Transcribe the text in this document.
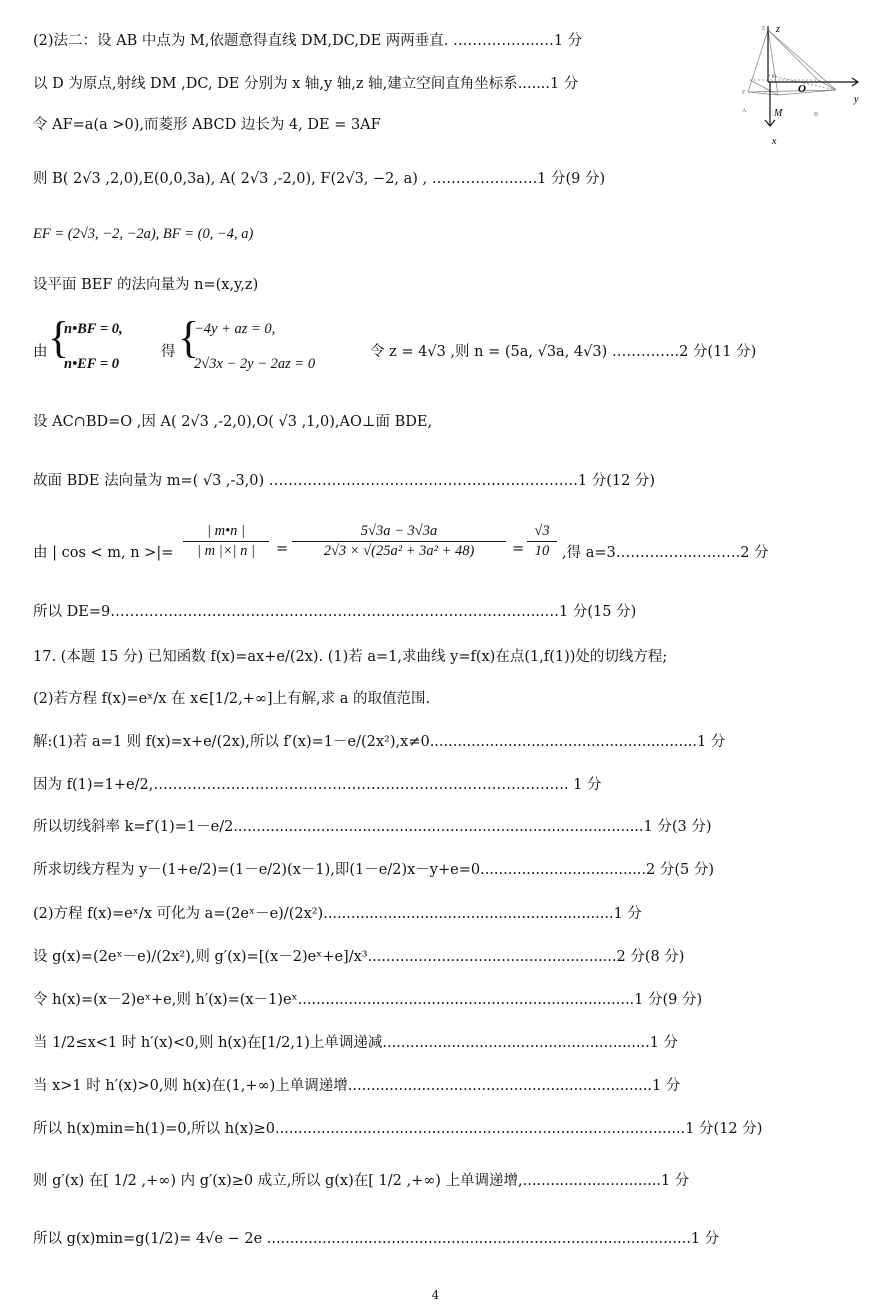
(2)法二：设 AB 中点为 M,依题意得直线 DM,DC,DE 两两垂直. ……………...…1 分
以 D 为原点,射线 DM ,DC, DE 分别为 x 轴,y 轴,z 轴,建立空间直角坐标系.......1 分
令 AF=a(a >0),而菱形 ABCD 边长为 4, DE = 3AF
则 B( 2√3 ,2,0),E(0,0,3a), A( 2√3 ,-2,0), F(2√3, −2, a) , ……………...….1 分(9 分)
EF = (2√3, −2, −2a), BF = (0, −4, a)
设平面 BEF 的法向量为 n=(x,y,z)
由 {
n•BF = 0,
n•EF = 0
得 {
−4y + az = 0,
2√3x − 2y − 2az = 0
令 z = 4√3 ,则 n = (5a, √3a, 4√3) …………..2 分(11 分)
设 AC∩BD=O ,因 A( 2√3 ,-2,0),O( √3 ,1,0),AO⊥面 BDE,
故面 BDE 法向量为 m=( √3 ,-3,0) ……………………………………………………….1 分(12 分)
由 | cos < m, n >|=
| m•n |
| m |×| n |	=
5√3a − 3√3a
2√3 × √(25a² + 3a² + 48)	=
√3
10 ,得 a=3……….…...……….2 分
所以 DE=9……………………………………………………………………………...…1 分(15 分)
17. (本题 15 分) 已知函数 f(x)=ax+e/(2x). (1)若 a=1,求曲线 y=f(x)在点(1,f(1))处的切线方程;
(2)若方程 f(x)=eˣ/x 在 x∈[1/2,+∞]上有解,求 a 的取值范围.
解:(1)若 a=1 则 f(x)=x+e/(2x),所以 f′(x)=1－e/(2x²),x≠0..........................................................1 分
因为 f(1)=1+e/2,……………………………………………………………………….…. 1 分
所以切线斜率 k=f′(1)=1－e/2.........................................................................................1 分(3 分)
所求切线方程为 y－(1+e/2)=(1－e/2)(x－1),即(1－e/2)x－y+e=0....................................2 分(5 分)
(2)方程 f(x)=eˣ/x 可化为 a=(2eˣ－e)/(2x²)...............................................................1 分
设 g(x)=(2eˣ－e)/(2x²),则 g′(x)=[(x－2)eˣ+e]/x³......................................................2 分(8 分)
令 h(x)=(x－2)eˣ+e,则 h′(x)=(x－1)eˣ.........................................................................1 分(9 分)
当 1/2≤x<1 时 h′(x)<0,则 h(x)在[1/2,1)上单调递减..........................................................1 分
当 x>1 时 h′(x)>0,则 h(x)在(1,+∞)上单调递增..................................................................1 分
所以 h(x)min=h(1)=0,所以 h(x)≥0.........................................................................................1 分(12 分)
则 g′(x) 在[ 1/2 ,+∞) 内 g′(x)≥0 成立,所以 g(x)在[ 1/2 ,+∞) 上单调递增,..............................1 分
所以 g(x)min=g(1/2)= 4√e − 2e ............................................................................................1 分
z
y
x
O
M
A
B
F
E
D
4
